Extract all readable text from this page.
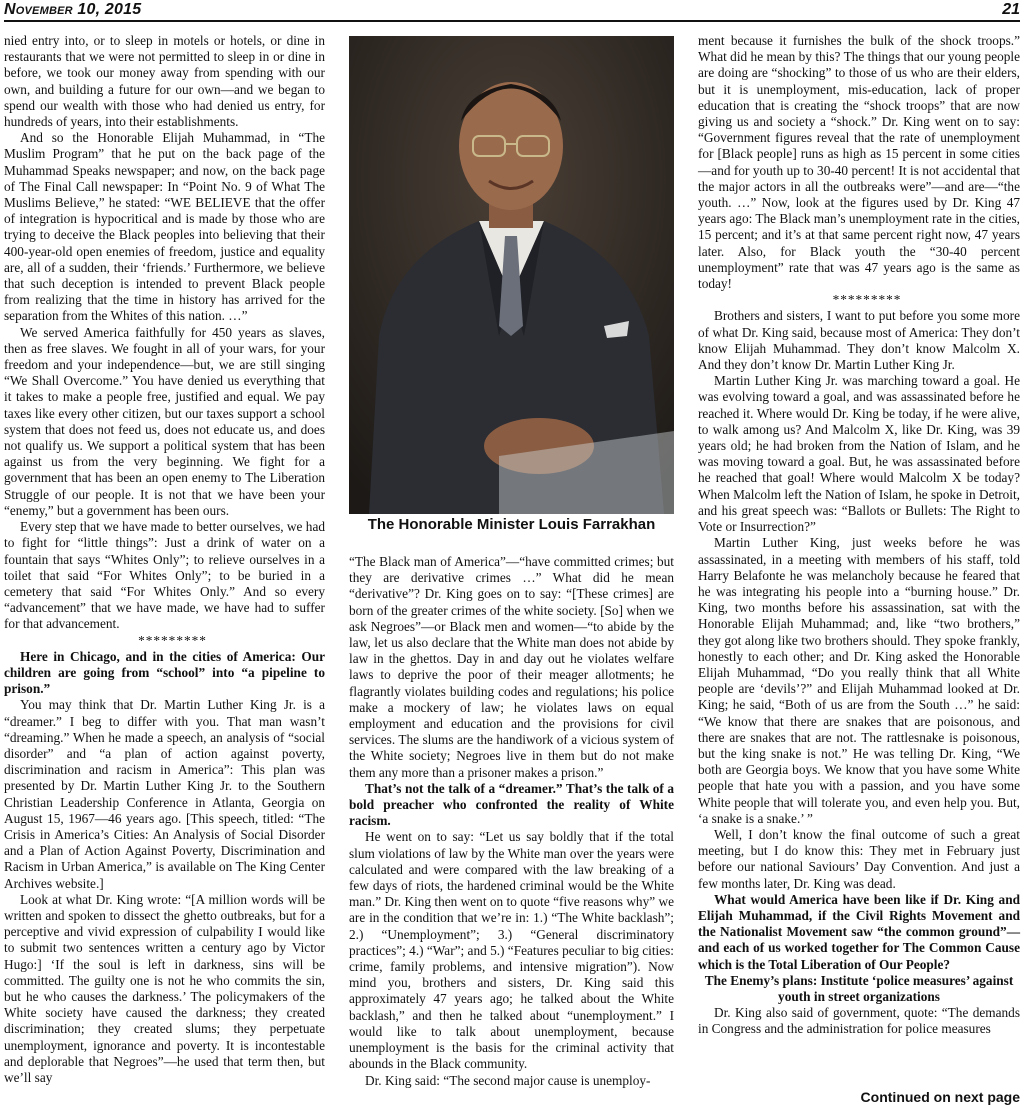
November 10, 2015	21

nied entry into, or to sleep in motels or hotels, or dine in restaurants that we were not permitted to sleep in or dine in before, we took our money away from spending with our own, and building a future for our own—and we began to spend our wealth with those who had denied us entry, for hundreds of years, into their establishments.

And so the Honorable Elijah Muhammad, in “The Muslim Program” that he put on the back page of the Muhammad Speaks newspaper; and now, on the back page of The Final Call newspaper: In “Point No. 9 of What The Muslims Believe,” he stated: “WE BELIEVE that the offer of integration is hypocritical and is made by those who are trying to deceive the Black peoples into believing that their 400-year-old open enemies of freedom, justice and equality are, all of a sudden, their ‘friends.’ Furthermore, we believe that such deception is intended to prevent Black people from realizing that the time in history has arrived for the separation from the Whites of this nation. …”

We served America faithfully for 450 years as slaves, then as free slaves. We fought in all of your wars, for your freedom and your independence—but, we are still singing “We Shall Overcome.” You have denied us everything that it takes to make a people free, justified and equal. We pay taxes like every other citizen, but our taxes support a school system that does not feed us, does not educate us, and does not qualify us. We support a political system that has been against us from the very beginning. We fight for a government that has been an open enemy to The Liberation Struggle of our people. It is not that we have been your “enemy,” but a government has been ours.

Every step that we have made to better ourselves, we had to fight for “little things”: Just a drink of water on a fountain that says “Whites Only”; to relieve ourselves in a toilet that said “For Whites Only”; to be buried in a cemetery that said “For Whites Only.” And so every “advancement” that we have made, we have had to suffer for that advancement.

*********

Here in Chicago, and in the cities of America: Our children are going from “school” into “a pipeline to prison.”

You may think that Dr. Martin Luther King Jr. is a “dreamer.” I beg to differ with you. That man wasn’t “dreaming.” When he made a speech, an analysis of “social disorder” and “a plan of action against poverty, discrimination and racism in America”: This plan was presented by Dr. Martin Luther King Jr. to the Southern Christian Leadership Conference in Atlanta, Georgia on August 15, 1967—46 years ago. [This speech, titled: “The Crisis in America’s Cities: An Analysis of Social Disorder and a Plan of Action Against Poverty, Discrimination and Racism in Urban America,” is available on The King Center Archives website.]

Look at what Dr. King wrote: “[A million words will be written and spoken to dissect the ghetto outbreaks, but for a perceptive and vivid expression of culpability I would like to submit two sentences written a century ago by Victor Hugo:] ‘If the soul is left in darkness, sins will be committed. The guilty one is not he who commits the sin, but he who causes the darkness.’ The policymakers of the White society have caused the darkness; they created discrimination; they created slums; they perpetuate unemployment, ignorance and poverty. It is incontestable and deplorable that Negroes”—he used that term then, but we’ll say

The Honorable Minister Louis Farrakhan

“The Black man of America”—“have committed crimes; but they are derivative crimes …” What did he mean “derivative”? Dr. King goes on to say: “[These crimes] are born of the greater crimes of the white society. [So] when we ask Negroes”—or Black men and women—“to abide by the law, let us also declare that the White man does not abide by law in the ghettos. Day in and day out he violates welfare laws to deprive the poor of their meager allotments; he flagrantly violates building codes and regulations; his police make a mockery of law; he violates laws on equal employment and education and the provisions for civil services. The slums are the handiwork of a vicious system of the White society; Negroes live in them but do not make them any more than a prisoner makes a prison.”

That’s not the talk of a “dreamer.” That’s the talk of a bold preacher who confronted the reality of White racism.

He went on to say: “Let us say boldly that if the total slum violations of law by the White man over the years were calculated and were compared with the law breaking of a few days of riots, the hardened criminal would be the White man.” Dr. King then went on to quote “five reasons why” we are in the condition that we’re in: 1.) “The White backlash”; 2.) “Unemployment”; 3.) “General discriminatory practices”; 4.) “War”; and 5.) “Features peculiar to big cities: crime, family problems, and intensive migration”). Now mind you, brothers and sisters, Dr. King said this approximately 47 years ago; he talked about the White backlash,” and then he talked about “unemployment.” I would like to talk about unemployment, because unemployment is the basis for the criminal activity that abounds in the Black community.

Dr. King said: “The second major cause is unemploy-

ment because it furnishes the bulk of the shock troops.” What did he mean by this? The things that our young people are doing are “shocking” to those of us who are their elders, but it is unemployment, mis-education, lack of proper education that is creating the “shock troops” that are now giving us and society a “shock.” Dr. King went on to say: “Government figures reveal that the rate of unemployment for [Black people] runs as high as 15 percent in some cities—and for youth up to 30-40 percent! It is not accidental that the major actors in all the outbreaks were”—and are—“the youth. …” Now, look at the figures used by Dr. King 47 years ago: The Black man’s unemployment rate in the cities, 15 percent; and it’s at that same percent right now, 47 years later. Also, for Black youth the “30-40 percent unemployment” rate that was 47 years ago is the same as today!

*********

Brothers and sisters, I want to put before you some more of what Dr. King said, because most of America: They don’t know Elijah Muhammad. They don’t know Malcolm X. And they don’t know Dr. Martin Luther King Jr.

Martin Luther King Jr. was marching toward a goal. He was evolving toward a goal, and was assassinated before he reached it. Where would Dr. King be today, if he were alive, to walk among us? And Malcolm X, like Dr. King, was 39 years old; he had broken from the Nation of Islam, and he was moving toward a goal. But, he was assassinated before he reached that goal! Where would Malcolm X be today? When Malcolm left the Nation of Islam, he spoke in Detroit, and his great speech was: “Ballots or Bullets: The Right to Vote or Insurrection?”

Martin Luther King, just weeks before he was assassinated, in a meeting with members of his staff, told Harry Belafonte he was melancholy because he feared that he was integrating his people into a “burning house.” Dr. King, two months before his assassination, sat with the Honorable Elijah Muhammad; and, like “two brothers,” they got along like two brothers should. They spoke frankly, honestly to each other; and Dr. King asked the Honorable Elijah Muhammad, “Do you really think that all White people are ‘devils’?” and Elijah Muhammad looked at Dr. King; he said, “Both of us are from the South …” he said: “We know that there are snakes that are poisonous, and there are snakes that are not. The rattlesnake is poisonous, but the king snake is not.” He was telling Dr. King, “We both are Georgia boys. We know that you have some White people that hate you with a passion, and you have some White people that will tolerate you, and even help you. But, ‘a snake is a snake.’ ”

Well, I don’t know the final outcome of such a great meeting, but I do know this: They met in February just before our national Saviours’ Day Convention. And just a few months later, Dr. King was dead.

What would America have been like if Dr. King and Elijah Muhammad, if the Civil Rights Movement and the Nationalist Movement saw “the common ground”—and each of us worked together for The Common Cause which is the Total Liberation of Our People?

The Enemy’s plans: Institute ‘police measures’ against youth in street organizations

Dr. King also said of government, quote: “The demands in Congress and the administration for police measures

Continued on next page
